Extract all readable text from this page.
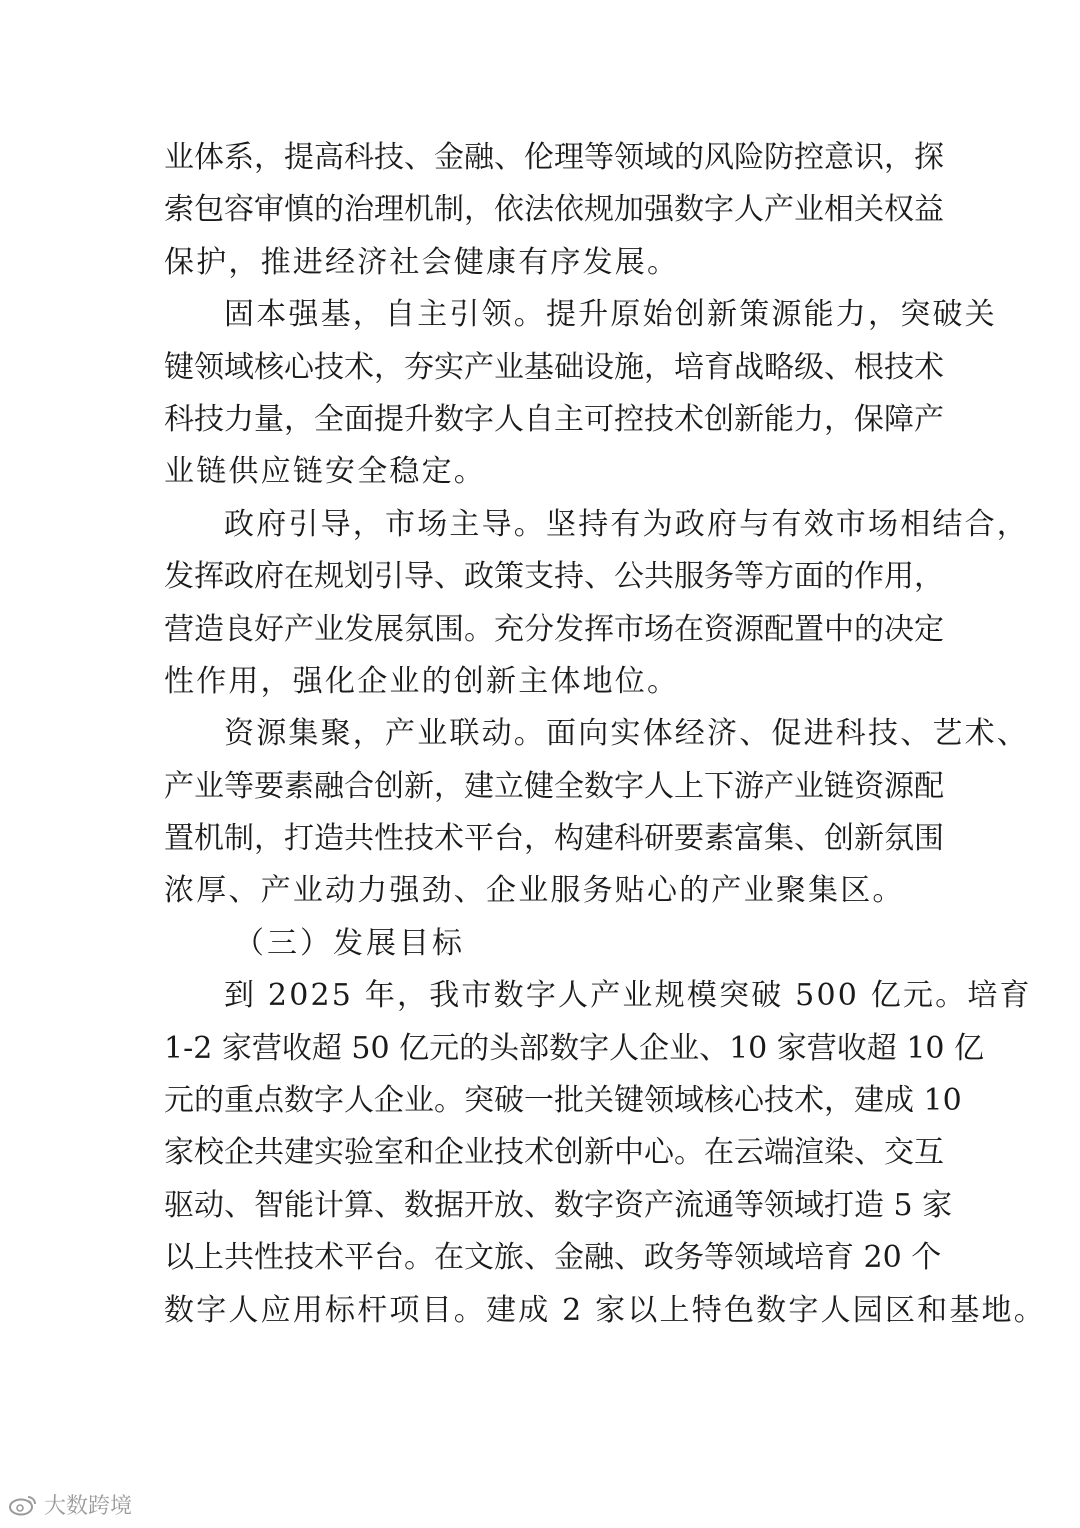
业体系，提高科技、金融、伦理等领域的风险防控意识，探
索包容审慎的治理机制，依法依规加强数字人产业相关权益
保护，推进经济社会健康有序发展。
固本强基，自主引领。提升原始创新策源能力，突破关
键领域核心技术，夯实产业基础设施，培育战略级、根技术
科技力量，全面提升数字人自主可控技术创新能力，保障产
业链供应链安全稳定。
政府引导，市场主导。坚持有为政府与有效市场相结合，
发挥政府在规划引导、政策支持、公共服务等方面的作用，
营造良好产业发展氛围。充分发挥市场在资源配置中的决定
性作用，强化企业的创新主体地位。
资源集聚，产业联动。面向实体经济、促进科技、艺术、
产业等要素融合创新，建立健全数字人上下游产业链资源配
置机制，打造共性技术平台，构建科研要素富集、创新氛围
浓厚、产业动力强劲、企业服务贴心的产业聚集区。
（三）发展目标
到 2025 年，我市数字人产业规模突破 500 亿元。培育
1-2 家营收超 50 亿元的头部数字人企业、10 家营收超 10 亿
元的重点数字人企业。突破一批关键领域核心技术，建成 10
家校企共建实验室和企业技术创新中心。在云端渲染、交互
驱动、智能计算、数据开放、数字资产流通等领域打造 5 家
以上共性技术平台。在文旅、金融、政务等领域培育 20 个
数字人应用标杆项目。建成 2 家以上特色数字人园区和基地。
大数跨境
